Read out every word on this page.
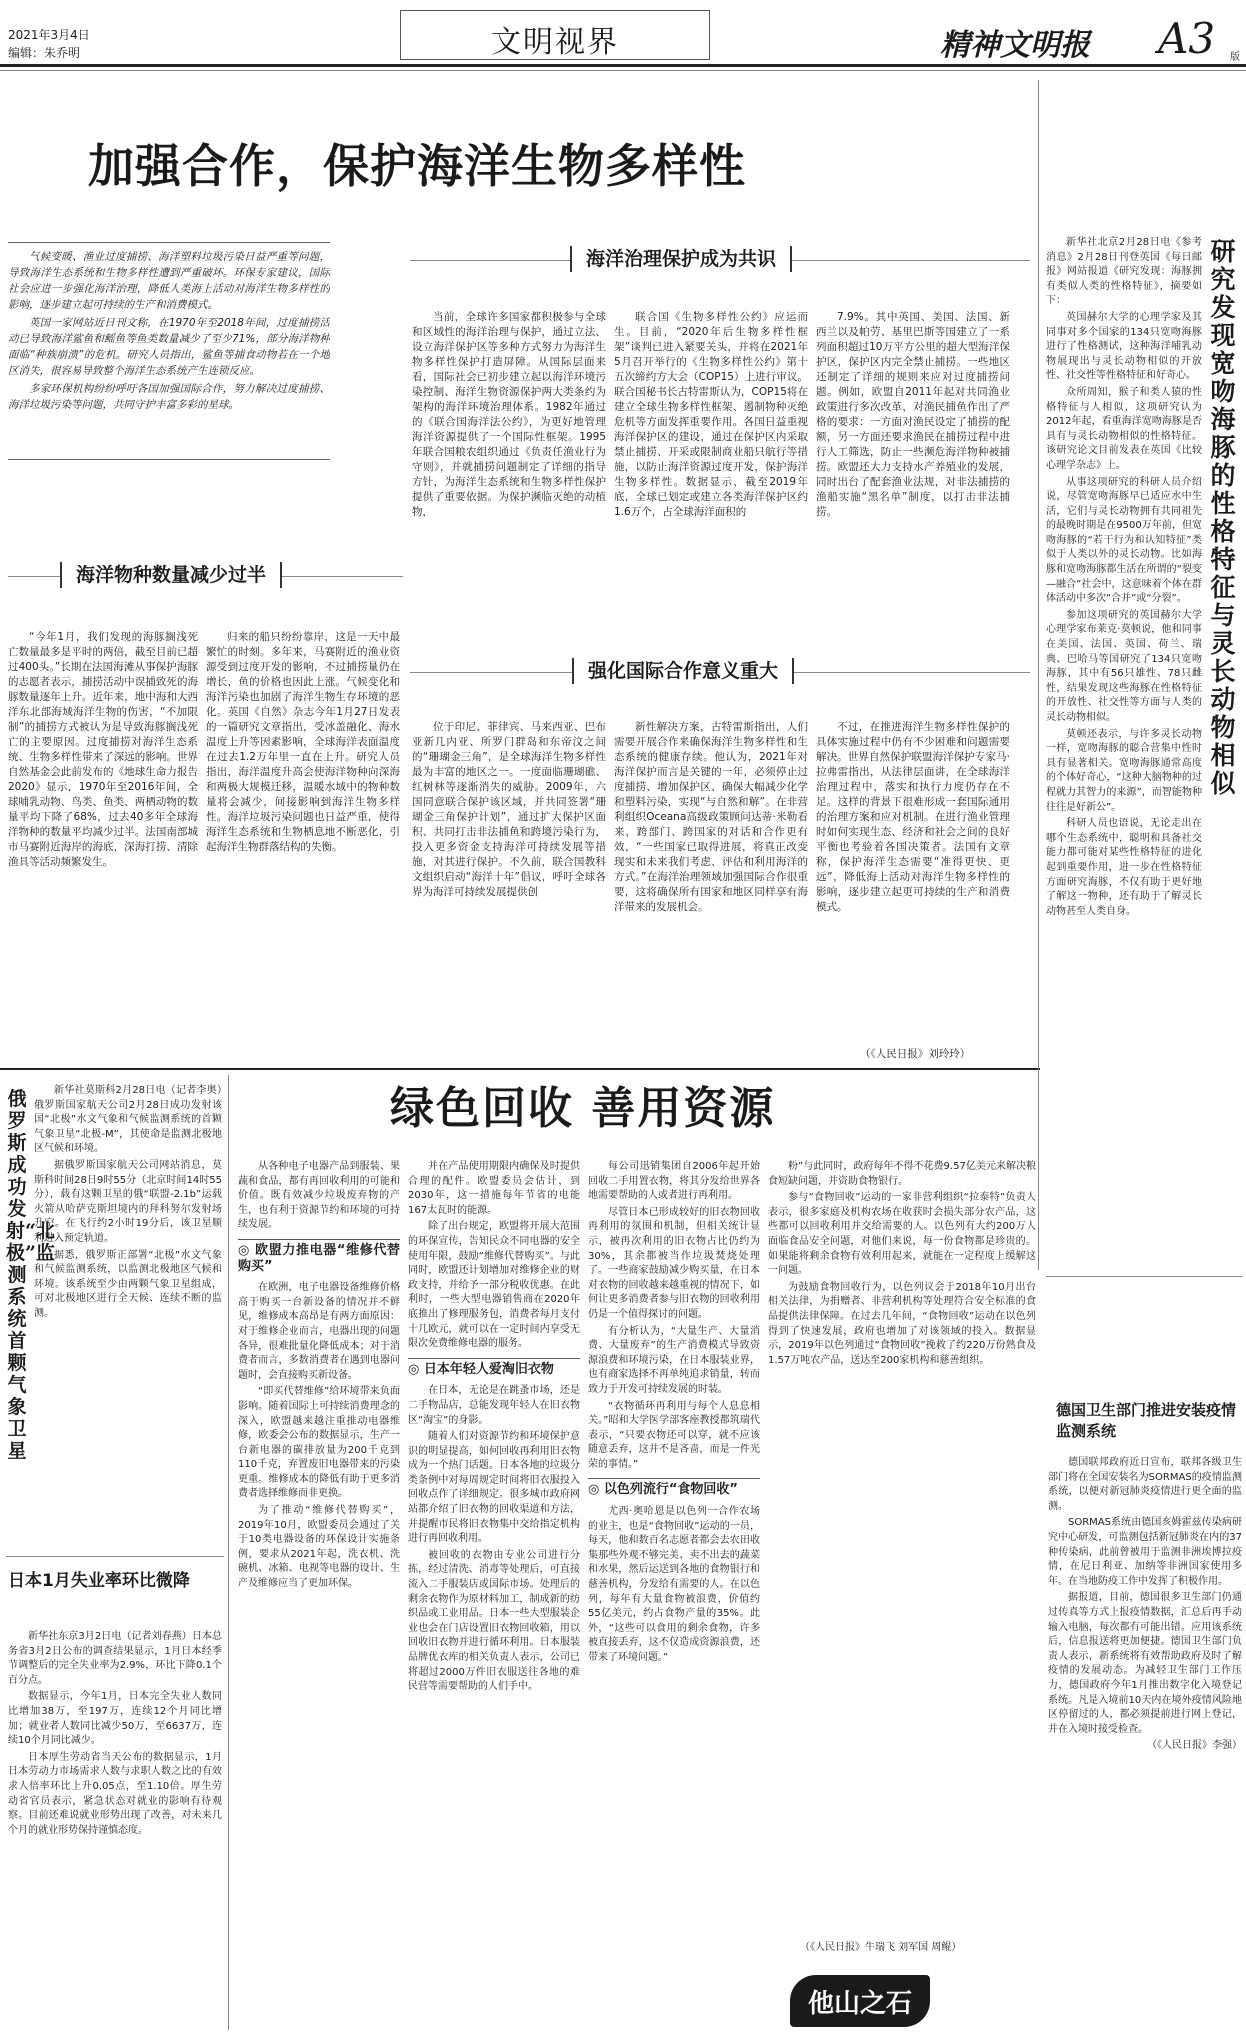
2021年3月4日
编辑：朱乔明	文明视界	精神文明报 A3 版
加强合作，保护海洋生物多样性

气候变暖、渔业过度捕捞、海洋塑料垃圾污染日益严重等问题，导致海洋生态系统和生物多样性遭到严重破坏。环保专家建议，国际社会应进一步强化海洋治理，降低人类海上活动对海洋生物多样性的影响，逐步建立起可持续的生产和消费模式。

英国一家网站近日刊文称，在1970年至2018年间，过度捕捞活动已导致海洋鲨鱼和鳐鱼等鱼类数量减少了至少71%，部分海洋物种面临“种族崩溃”的危机。研究人员指出，鲨鱼等捕食动物若在一个地区消失，很容易导致整个海洋生态系统产生连锁反应。

多家环保机构纷纷呼吁各国加强国际合作，努力解决过度捕捞、海洋垃圾污染等问题，共同守护丰富多彩的星球。

海洋治理保护成为共识

当前，全球许多国家都积极参与全球和区域性的海洋治理与保护，通过立法、设立海洋保护区等多种方式努力为海洋生物多样性保护打造屏障。从国际层面来看，国际社会已初步建立起以海洋环境污染控制、海洋生物资源保护两大类条约为架构的海洋环境治理体系。1982年通过的《联合国海洋法公约》，为更好地管理海洋资源提供了一个国际性框架。1995年联合国粮农组织通过《负责任渔业行为守则》，并就捕捞问题制定了详细的指导方针，为海洋生态系统和生物多样性保护提供了重要依据。为保护濒临灭绝的动植物，

联合国《生物多样性公约》应运而生。目前，“2020年后生物多样性框架”谈判已进入紧要关头，并将在2021年5月召开举行的《生物多样性公约》第十五次缔约方大会（COP15）上进行审议。联合国秘书长古特雷斯认为，COP15将在建立全球生物多样性框架、遏制物种灭绝危机等方面发挥重要作用。各国日益重视海洋保护区的建设，通过在保护区内采取禁止捕捞、开采或限制商业船只航行等措施，以防止海洋资源过度开发，保护海洋生物多样性。数据显示，截至2019年底，全球已划定或建立各类海洋保护区约1.6万个，占全球海洋面积的

7.9%。其中英国、美国、法国、新西兰以及帕劳、基里巴斯等国建立了一系列面积超过10万平方公里的超大型海洋保护区，保护区内完全禁止捕捞。一些地区还制定了详细的规则来应对过度捕捞问题。例如，欧盟自2011年起对共同渔业政策进行多次改革，对渔民捕鱼作出了严格的要求：一方面对渔民设定了捕捞的配额，另一方面还要求渔民在捕捞过程中进行人工筛选，防止一些濒危海洋物种被捕捞。欧盟还大力支持水产养殖业的发展，同时出台了配套渔业法规，对非法捕捞的渔船实施“黑名单”制度，以打击非法捕捞。

海洋物种数量减少过半

“今年1月，我们发现的海豚搁浅死亡数量最多是平时的两倍，截至目前已超过400头。”长期在法国海滩从事保护海豚的志愿者表示，捕捞活动中误捕致死的海豚数量逐年上升。近年来，地中海和大西洋东北部海域海洋生物的伤害，“不加限制”的捕捞方式被认为是导致海豚搁浅死亡的主要原因。过度捕捞对海洋生态系统、生物多样性带来了深远的影响。世界自然基金会此前发布的《地球生命力报告2020》显示，1970年至2016年间，全球哺乳动物、鸟类、鱼类、两栖动物的数量平均下降了68%，过去40多年全球海洋物种的数量平均减少过半。法国南部城市马赛附近海岸的海底，深海打捞、清除渔具等活动频繁发生。

归来的船只纷纷靠岸，这是一天中最繁忙的时刻。多年来，马赛附近的渔业资源受到过度开发的影响，不过捕捞量仍在增长，鱼的价格也因此上涨。气候变化和海洋污染也加剧了海洋生物生存环境的恶化。英国《自然》杂志今年1月27日发表的一篇研究文章指出，受冰盖融化、海水温度上升等因素影响，全球海洋表面温度在过去1.2万年里一直在上升。研究人员指出，海洋温度升高会使海洋物种向深海和两极大规模迁移，温暖水域中的物种数量将会减少，间接影响到海洋生物多样性。海洋垃圾污染问题也日益严重，使得海洋生态系统和生物栖息地不断恶化，引起海洋生物群落结构的失衡。

强化国际合作意义重大

位于印尼、菲律宾、马来西亚、巴布亚新几内亚、所罗门群岛和东帝汶之间的“珊瑚金三角”，是全球海洋生物多样性最为丰富的地区之一。一度面临珊瑚礁、红树林等逐渐消失的威胁。2009年，六国同意联合保护该区域，并共同签署“珊瑚金三角保护计划”，通过扩大保护区面积、共同打击非法捕鱼和跨境污染行为，投入更多资金支持海洋可持续发展等措施，对其进行保护。不久前，联合国教科文组织启动“海洋十年”倡议，呼吁全球各界为海洋可持续发展提供创

新性解决方案，古特雷斯指出，人们需要开展合作来确保海洋生物多样性和生态系统的健康存续。他认为，2021年对海洋保护而言是关键的一年，必须停止过度捕捞、增加保护区、确保大幅减少化学和塑料污染，实现“与自然和解”。在非营利组织Oceana高级政策顾问达蒂·米勒看来，跨部门、跨国家的对话和合作更有效，“一些国家已取得进展，将真正改变现实和未来我们考虑、评估和利用海洋的方式。”在海洋治理领域加强国际合作很重要，这将确保所有国家和地区同样享有海洋带来的发展机会。

不过，在推进海洋生物多样性保护的具体实施过程中仍有不少困难和问题需要解决。世界自然保护联盟海洋保护专家马·拉弗雷指出，从法律层面讲，在全球海洋治理过程中，落实和执行力度仍存在不足。这样的背景下很难形成一套国际通用的治理方案和应对机制。在进行渔业管理时如何实现生态、经济和社会之间的良好平衡也考验着各国决策者。法国有文章称，保护海洋生态需要“准得更快、更远”，降低海上活动对海洋生物多样性的影响，逐步建立起更可持续的生产和消费模式。

（《人民日报》刘玲玲）
研究发现宽吻海豚的性格特征与灵长动物相似

新华社北京2月28日电《参考消息》2月28日刊登英国《每日邮报》网站报道《研究发现：海豚拥有类似人类的性格特征》，摘要如下：

英国赫尔大学的心理学家及其同事对多个国家的134只宽吻海豚进行了性格测试，这种海洋哺乳动物展现出与灵长动物相似的开放性、社交性等性格特征和好奇心。

众所周知，猴子和类人猿的性格特征与人相似，这项研究认为2012年起，看重海洋宽吻海豚是否具有与灵长动物相似的性格特征。该研究论文目前发表在英国《比较心理学杂志》上。

从事这项研究的科研人员介绍说，尽管宽吻海豚早已适应水中生活，它们与灵长动物拥有共同祖先的最晚时期是在9500万年前，但宽吻海豚的“若干行为和认知特征”类似于人类以外的灵长动物。比如海豚和宽吻海豚都生活在所谓的“裂变—融合”社会中，这意味着个体在群体活动中多次“合并”或“分裂”。

参加这项研究的英国赫尔大学心理学家布莱克·莫顿说，他和同事在美国、法国、英国、荷兰、瑞典、巴哈马等国研究了134只宽吻海豚，其中有56只雄性、78只雌性，结果发现这些海豚在性格特征的开放性、社交性等方面与人类的灵长动物相似。

莫顿还表示，与许多灵长动物一样，宽吻海豚的聪合营集中性时具有显著相关。宽吻海豚通常高度的个体好奇心，“这种大脑物种的过程就力其智力的来源”，而智能物种往往是好新公”。

科研人员也语说，无论走出在哪个生态系统中，聪明和具备社交能力都可能对某些性格特征的进化起到重要作用，进一步在性格特征方面研究海豚，不仅有助于更好地了解这一物种，还有助于了解灵长动物甚至人类自身。

俄罗斯成功发射“北极”监测系统首颗气象卫星

新华社莫斯科2月28日电（记者李奥）俄罗斯国家航天公司2月28日成功发射该国“北极”水文气象和气候监测系统的首颗气象卫星“北极-M”，其使命是监测北极地区气候和环境。

据俄罗斯国家航天公司网站消息，莫斯科时间28日9时55分（北京时间14时55分），载有这颗卫星的俄“联盟-2.1b”运载火箭从哈萨克斯坦境内的拜科努尔发射场升空。在飞行约2小时19分后，该卫星顺利进入预定轨道。

据悉，俄罗斯正部署“北极”水文气象和气候监测系统，以监测北极地区气候和环境。该系统至少由两颗气象卫星组成，可对北极地区进行全天候、连续不断的监测。

日本1月失业率环比微降

新华社东京3月2日电（记者刘春燕）日本总务省3月2日公布的调查结果显示，1月日本经季节调整后的完全失业率为2.9%，环比下降0.1个百分点。

数据显示，今年1月，日本完全失业人数同比增加38万，至197万，连续12个月同比增加；就业者人数同比减少50万，至6637万，连续10个月同比减少。

日本厚生劳动省当天公布的数据显示，1月日本劳动力市场需求人数与求职人数之比的有效求人倍率环比上升0.05点，至1.10倍。厚生劳动省官员表示，紧急状态对就业的影响有待观察。目前还难说就业形势出现了改善，对未来几个月的就业形势保持谨慎态度。

绿色回收 善用资源

从各种电子电器产品到服装、果蔬和食品，都有再回收利用的可能和价值。既有效减少垃圾废弃物的产生，也有利于资源节约和环境的可持续发展。

◎ 欧盟力推电器“维修代替购买”

在欧洲，电子电器设备维修价格高于购买一台新设备的情况并不鲜见，维修成本高昂是有两方面原因：对于维修企业而言，电器出现的问题各异，很难批量化降低成本；对于消费者而言，多数消费者在遇到电器问题时，会直接购买新设备。

“即买代替维修”给环境带来负面影响。随着国际上可持续消费理念的深入，欧盟越来越注重推动电器维修，欧委会公布的数据显示，生产一台新电器的碳排放量为200千克到110千克，弃置废旧电器带来的污染更重。维修成本的降低有助于更多消费者选择维修而非更换。

为了推动“维修代替购买”，2019年10月，欧盟委员会通过了关于10类电器设备的环保设计实施条例，要求从2021年起，洗衣机、洗碗机、冰箱、电视等电器的设计、生产及维修应当了更加环保。

并在产品使用期限内确保及时提供合理的配件。欧盟委员会估计，到2030年，这一措施每年节省的电能167太瓦时的能源。

除了出台规定，欧盟将开展大范围的环保宣传，告知民众不同电器的安全使用年限，鼓励“维修代替购买”。与此同时，欧盟还计划增加对维修企业的财政支持，并给予一部分税收优惠。在此利时，一些大型电器销售商在2020年底推出了修理服务包，消费者每月支付十几欧元，就可以在一定时间内享受无限次免费维修电器的服务。

◎ 日本年轻人爱淘旧衣物

在日本，无论是在跳蚤市场，还是二手物品店，总能发现年轻人在旧衣物区“淘宝”的身影。

随着人们对资源节约和环境保护意识的明显提高，如何回收再利用旧衣物成为一个热门话题。日本各地的垃圾分类条例中对每周规定时间将旧衣服投入回收点作了详细规定。很多城市政府网站都介绍了旧衣物的回收渠道和方法，并提醒市民将旧衣物集中交给指定机构进行再回收利用。

被回收的衣物由专业公司进行分拣，经过清洗、消毒等处理后，可直接流入二手服装店或国际市场。处理后的剩余衣物作为原材料加工，制成新的纺织品或工业用品。日本一些大型服装企业也会在门店设置旧衣物回收箱，用以回收旧衣物并进行循环利用。日本服装品牌优衣库的相关负责人表示，公司已将超过2000万件旧衣服送往各地的难民营等需要帮助的人们手中。

每公司迅销集团自2006年起开始回收二手用置衣物，将其分发给世界各地需要帮助的人或者进行再利用。

尽管日本已形成较好的旧衣物回收再利用的氛围和机制，但相关统计显示，被再次利用的旧衣物占比仍约为30%，其余都被当作垃圾焚烧处理了。一些商家鼓励减少购买量，在日本对衣物的回收越来越重视的情况下，如何让更多消费者参与旧衣物的回收利用仍是一个值得探讨的问题。

有分析认为，“大量生产、大量消费、大量废弃”的生产消费模式导致资源浪费和环境污染，在日本服装业界，也有商家选择不再单纯追求销量，转而致力于开发可持续发展的时装。

“衣物循环再利用与每个人息息相关。”昭和大学医学部客座教授都筑瑞代表示，“只要衣物还可以穿，就不应该随意丢弃，这并不是吝啬，而是一件光荣的事情。”

◎ 以色列流行“食物回收”

尤西·奥哈恩是以色列一合作农场的业主，也是“食物回收”运动的一员，每天，他和数百名志愿者都会去农田收集那些外观不够完美、卖不出去的蔬菜和水果，然后运送到各地的食物银行和慈善机构，分发给有需要的人。在以色列，每年有大量食物被浪费，价值约55亿美元，约占食物产量的35%。此外，“这些可以食用的剩余食物，许多被直接丢弃，这不仅造成资源浪费，还带来了环境问题。”

粉”与此同时，政府每年不得不花费9.57亿美元来解决粮食短缺问题，并资助食物银行。

参与“食物回收”运动的一家非营利组织“拉泰特”负责人表示，很多家庭及机构农场在收获时会损失部分农产品，这些都可以回收利用并交给需要的人。以色列有大约200万人面临食品安全问题，对他们来说，每一份食物都是珍贵的。如果能将剩余食物有效利用起来，就能在一定程度上缓解这一问题。

为鼓励食物回收行为，以色列议会于2018年10月出台相关法律，为捐赠者、非营利机构等处理符合安全标准的食品提供法律保障。在过去几年间，“食物回收”运动在以色列得到了快速发展，政府也增加了对该领域的投入。数据显示，2019年以色列通过“食物回收”挽救了约220万份熟食及1.57万吨农产品，送达至200家机构和慈善组织。

（《人民日报》牛瑞飞 刘军国 周鲲）
他山之石
德国卫生部门推进安装疫情监测系统

德国联邦政府近日宣布，联邦各级卫生部门将在全国安装名为SORMAS的疫情监测系统，以便对新冠肺炎疫情进行更全面的监测。

SORMAS系统由德国亥姆霍兹传染病研究中心研发，可监测包括新冠肺炎在内的37种传染病，此前曾被用于监测非洲埃博拉疫情，在尼日利亚、加纳等非洲国家使用多年。在当地防疫工作中发挥了积极作用。

据报道，目前，德国很多卫生部门仍通过传真等方式上报疫情数据，汇总后再手动输入电脑，每次都有可能出错。应用该系统后，信息报送将更加便捷。德国卫生部门负责人表示，新系统将有效帮助政府及时了解疫情的发展动态。为减轻卫生部门工作压力，德国政府今年1月推出数字化入境登记系统。凡是入境前10天内在境外疫情风险地区停留过的人，都必须提前进行网上登记，并在入境时接受检查。

（《人民日报》李强）
